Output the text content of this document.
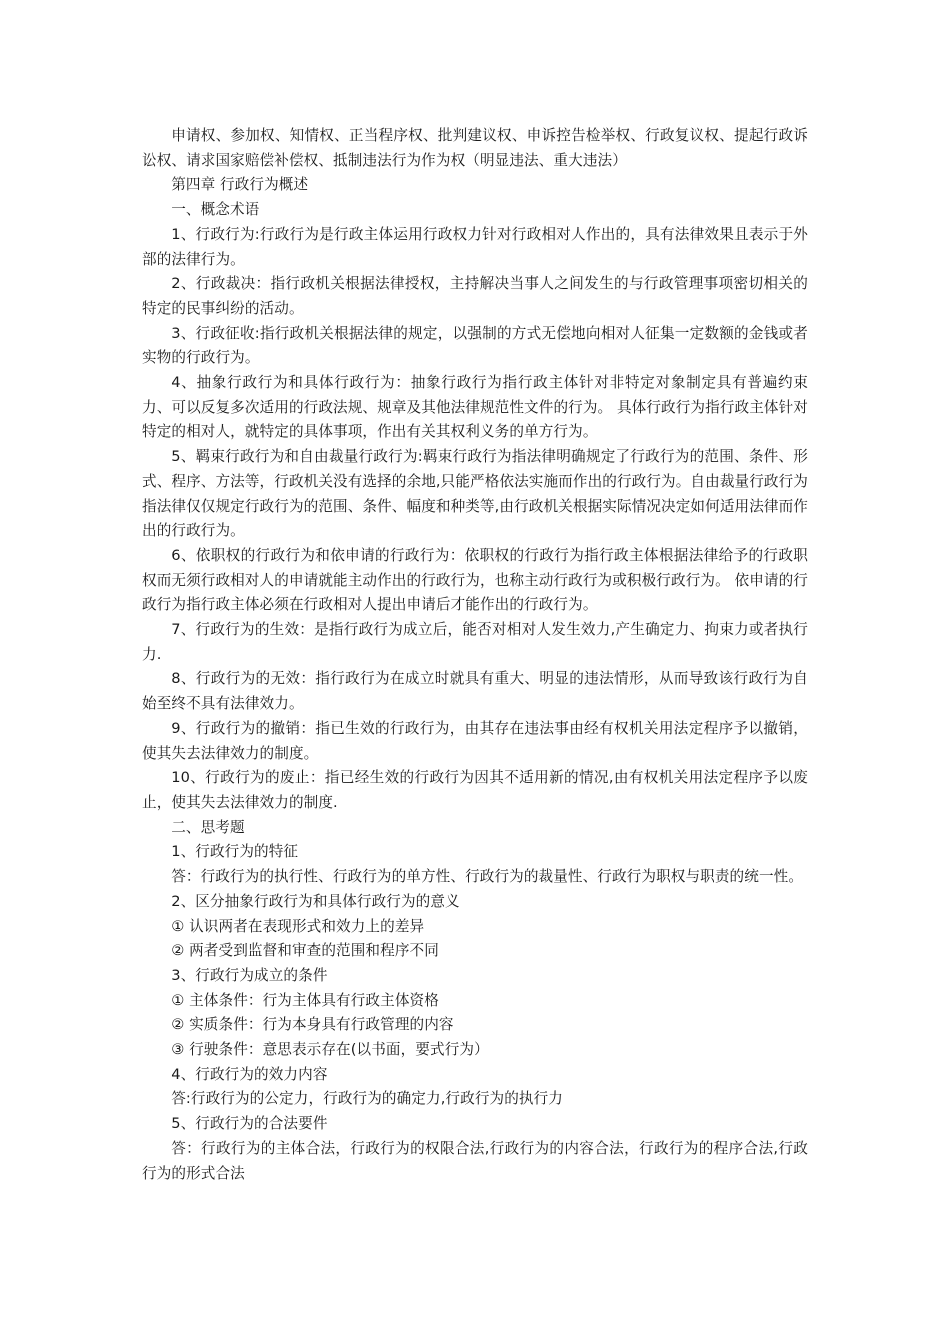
申请权、参加权、知情权、正当程序权、批判建议权、申诉控告检举权、行政复议权、提起行政诉讼权、请求国家赔偿补偿权、抵制违法行为作为权（明显违法、重大违法）

第四章 行政行为概述

一、概念术语

1、行政行为:行政行为是行政主体运用行政权力针对行政相对人作出的，具有法律效果且表示于外部的法律行为。

2、行政裁决：指行政机关根据法律授权，主持解决当事人之间发生的与行政管理事项密切相关的特定的民事纠纷的活动。

3、行政征收:指行政机关根据法律的规定，以强制的方式无偿地向相对人征集一定数额的金钱或者实物的行政行为。

4、抽象行政行为和具体行政行为：抽象行政行为指行政主体针对非特定对象制定具有普遍约束力、可以反复多次适用的行政法规、规章及其他法律规范性文件的行为。 具体行政行为指行政主体针对特定的相对人，就特定的具体事项，作出有关其权利义务的单方行为。

5、羁束行政行为和自由裁量行政行为:羁束行政行为指法律明确规定了行政行为的范围、条件、形式、程序、方法等，行政机关没有选择的余地,只能严格依法实施而作出的行政行为。自由裁量行政行为指法律仅仅规定行政行为的范围、条件、幅度和种类等,由行政机关根据实际情况决定如何适用法律而作出的行政行为。

6、依职权的行政行为和依申请的行政行为：依职权的行政行为指行政主体根据法律给予的行政职权而无须行政相对人的申请就能主动作出的行政行为，也称主动行政行为或积极行政行为。 依申请的行政行为指行政主体必须在行政相对人提出申请后才能作出的行政行为。

7、行政行为的生效：是指行政行为成立后，能否对相对人发生效力,产生确定力、拘束力或者执行力.

8、行政行为的无效：指行政行为在成立时就具有重大、明显的违法情形，从而导致该行政行为自始至终不具有法律效力。

9、行政行为的撤销：指已生效的行政行为，由其存在违法事由经有权机关用法定程序予以撤销，使其失去法律效力的制度。

10、行政行为的废止：指已经生效的行政行为因其不适用新的情况,由有权机关用法定程序予以废止，使其失去法律效力的制度.

二、思考题

1、行政行为的特征

答：行政行为的执行性、行政行为的单方性、行政行为的裁量性、行政行为职权与职责的统一性。

2、区分抽象行政行为和具体行政行为的意义

① 认识两者在表现形式和效力上的差异

② 两者受到监督和审查的范围和程序不同

3、行政行为成立的条件

① 主体条件：行为主体具有行政主体资格

② 实质条件：行为本身具有行政管理的内容

③ 行驶条件：意思表示存在(以书面，要式行为）

4、行政行为的效力内容

答:行政行为的公定力，行政行为的确定力,行政行为的执行力

5、行政行为的合法要件

答：行政行为的主体合法，行政行为的权限合法,行政行为的内容合法，行政行为的程序合法,行政行为的形式合法
